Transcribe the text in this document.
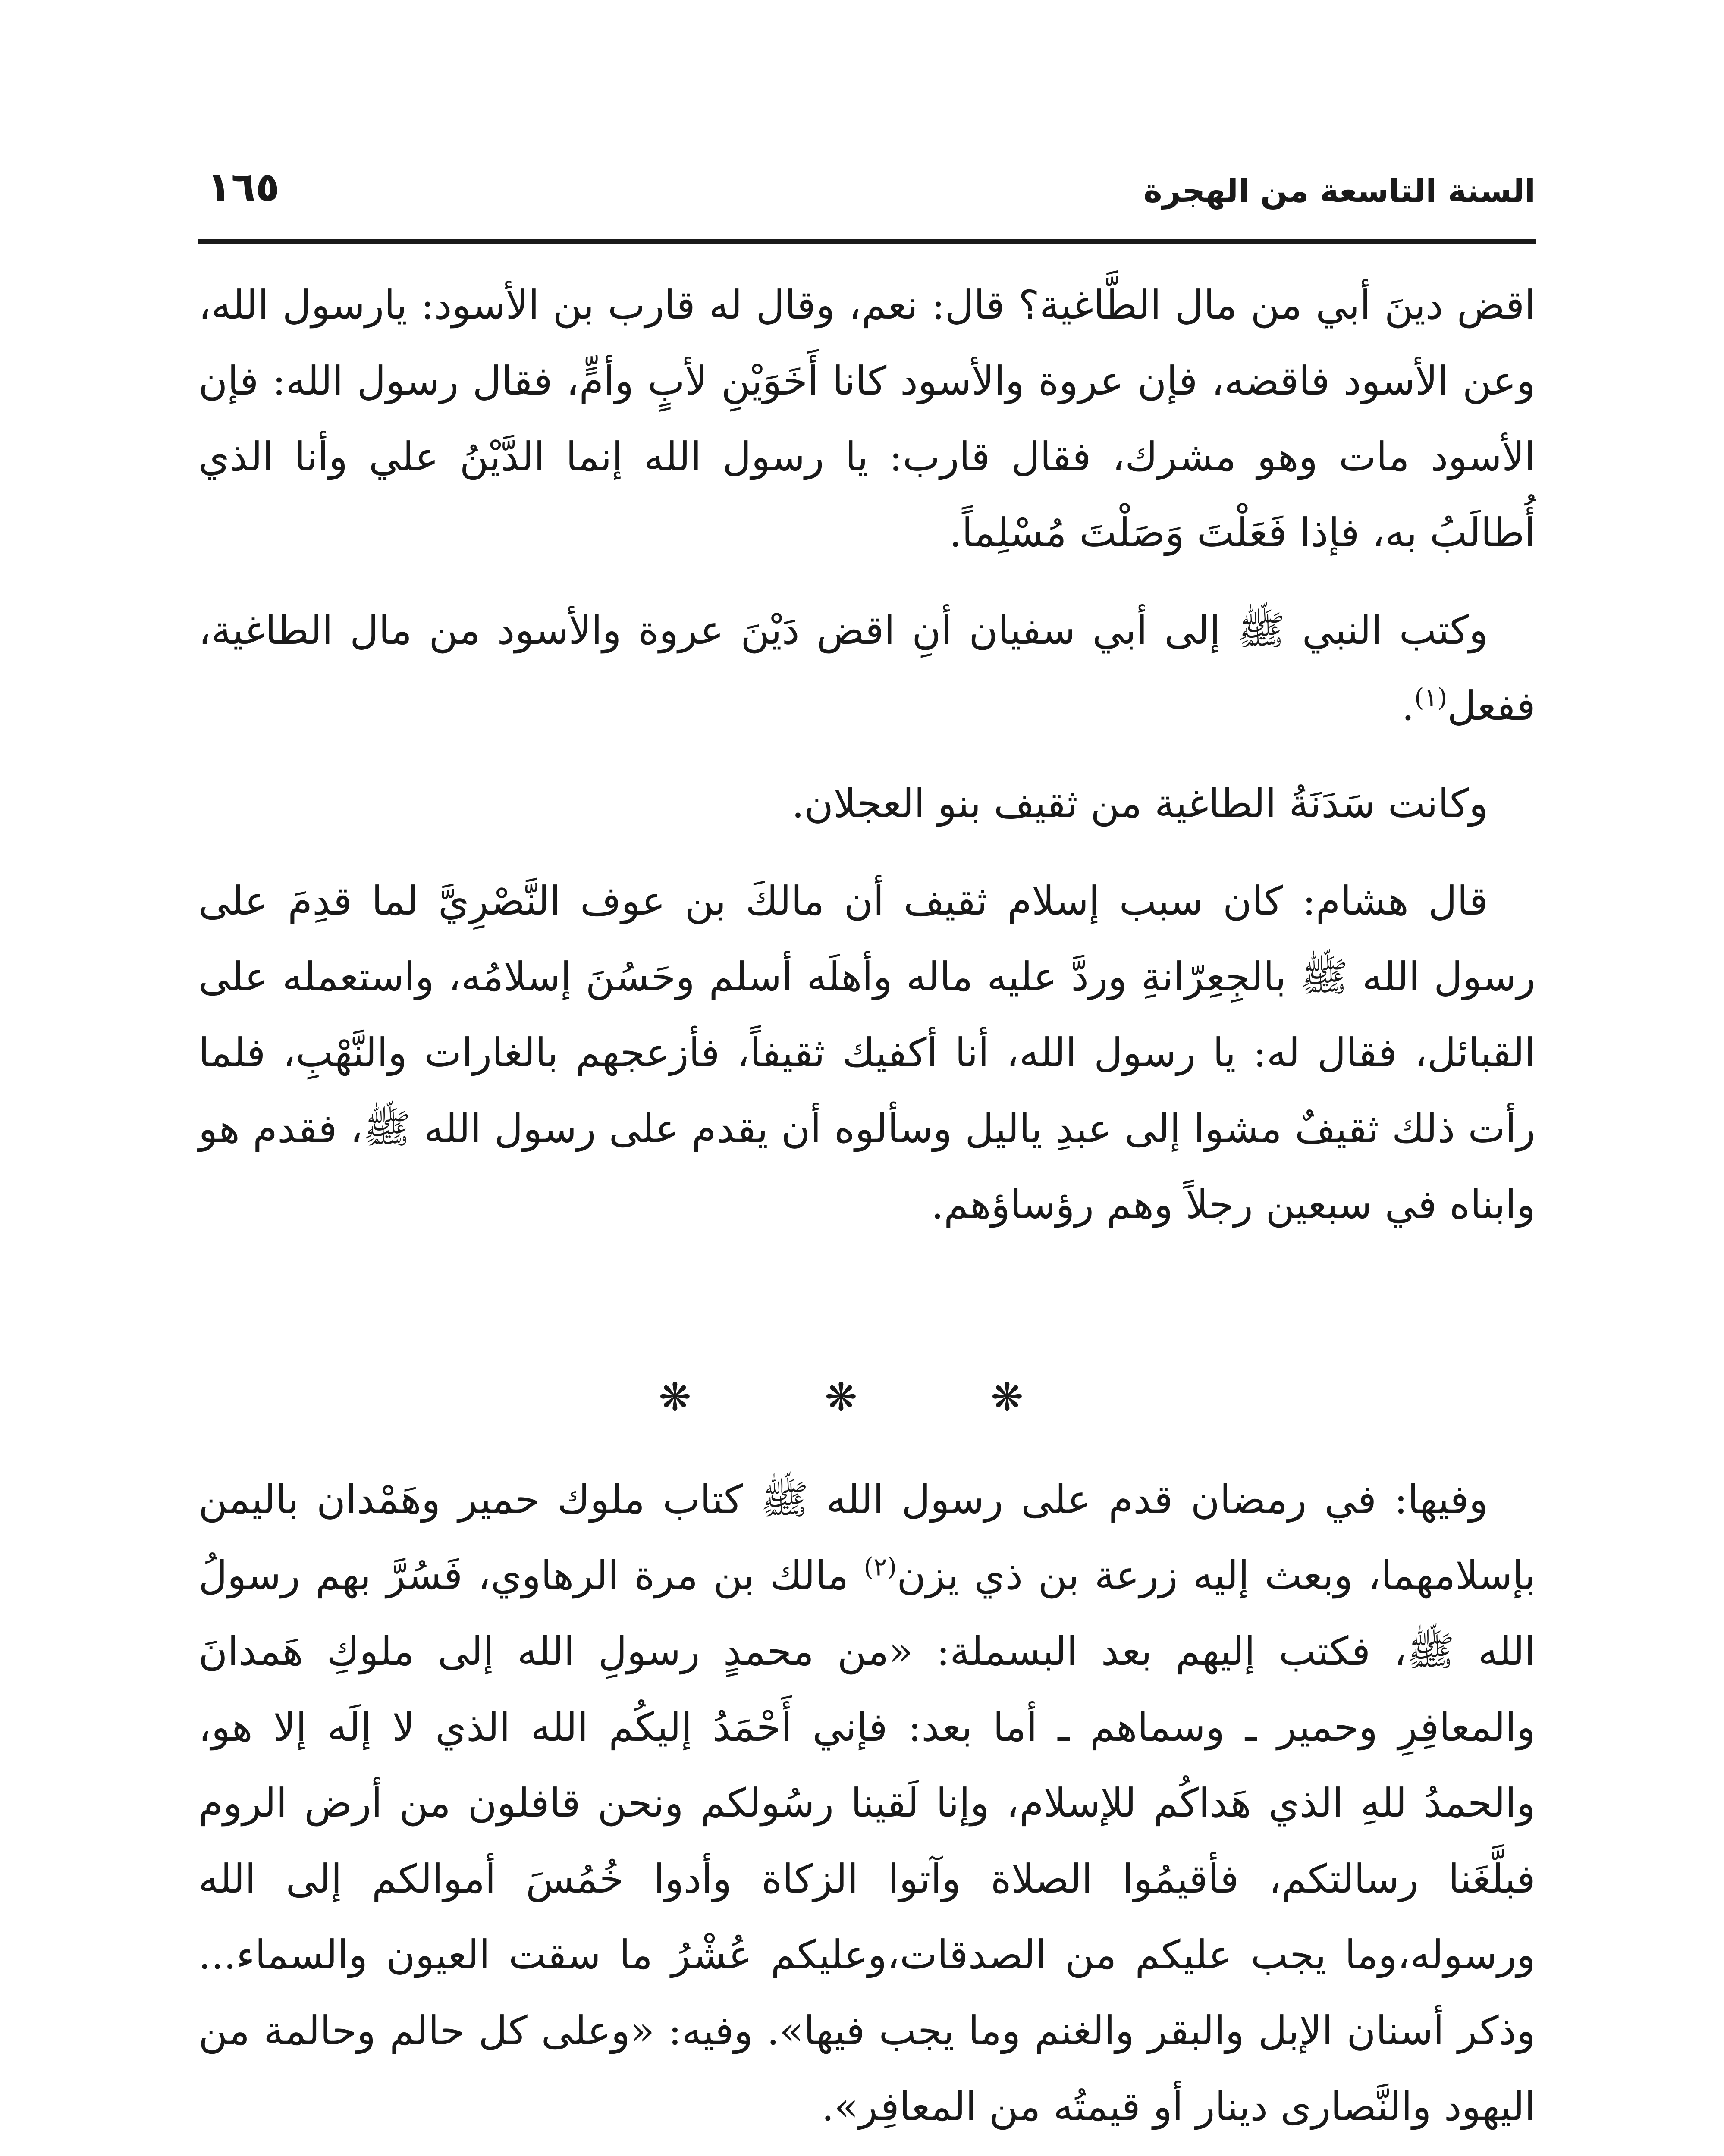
السنة التاسعة من الهجرة
١٦٥

اقض دينَ أبي من مال الطَّاغية؟ قال: نعم، وقال له قارب بن الأسود: يارسول الله، وعن الأسود فاقضه، فإن عروة والأسود كانا أَخَوَيْنِ لأبٍ وأمٍّ، فقال رسول الله: فإن الأسود مات وهو مشرك، فقال قارب: يا رسول الله إنما الدَّيْنُ علي وأنا الذي أُطالَبُ به، فإذا فَعَلْتَ وَصَلْتَ مُسْلِماً.

وكتب النبي ﷺ إلى أبي سفيان أنِ اقض دَيْنَ عروة والأسود من مال الطاغية، ففعل$^{(١)}$.

وكانت سَدَنَةُ الطاغية من ثقيف بنو العجلان.

قال هشام: كان سبب إسلام ثقيف أن مالكَ بن عوف النَّصْرِيَّ لما قدِمَ على رسول الله ﷺ بالجِعِرّانةِ وردَّ عليه ماله وأهلَه أسلم وحَسُنَ إسلامُه، واستعمله على القبائل، فقال له: يا رسول الله، أنا أكفيك ثقيفاً، فأزعجهم بالغارات والنَّهْبِ، فلما رأت ذلك ثقيفٌ مشوا إلى عبدِ ياليل وسألوه أن يقدم على رسول الله ﷺ، فقدم هو وابناه في سبعين رجلاً وهم رؤساؤهم.

❋
❋
❋

وفيها: في رمضان قدم على رسول الله ﷺ كتاب ملوك حمير وهَمْدان باليمن بإسلامهما، وبعث إليه زرعة بن ذي يزن$^{(٢)}$ مالك بن مرة الرهاوي، فَسُرَّ بهم رسولُ الله ﷺ، فكتب إليهم بعد البسملة: «من محمدٍ رسولِ الله إلى ملوكِ هَمدانَ والمعافِرِ وحمير ـ وسماهم ـ أما بعد: فإني أَحْمَدُ إليكُم الله الذي لا إلَه إلا هو، والحمدُ للهِ الذي هَداكُم للإسلام، وإنا لَقينا رسُولكم ونحن قافلون من أرض الروم فبلَّغَنا رسالتكم، فأقيمُوا الصلاة وآتوا الزكاة وأدوا خُمُسَ أموالكم إلى الله ورسوله،وما يجب عليكم من الصدقات،وعليكم عُشْرُ ما سقت العيون والسماء... وذكر أسنان الإبل والبقر والغنم وما يجب فيها». وفيه: «وعلى كل حالم وحالمة من اليهود والنَّصارى دينار أو قيمتُه من المعافِر».
